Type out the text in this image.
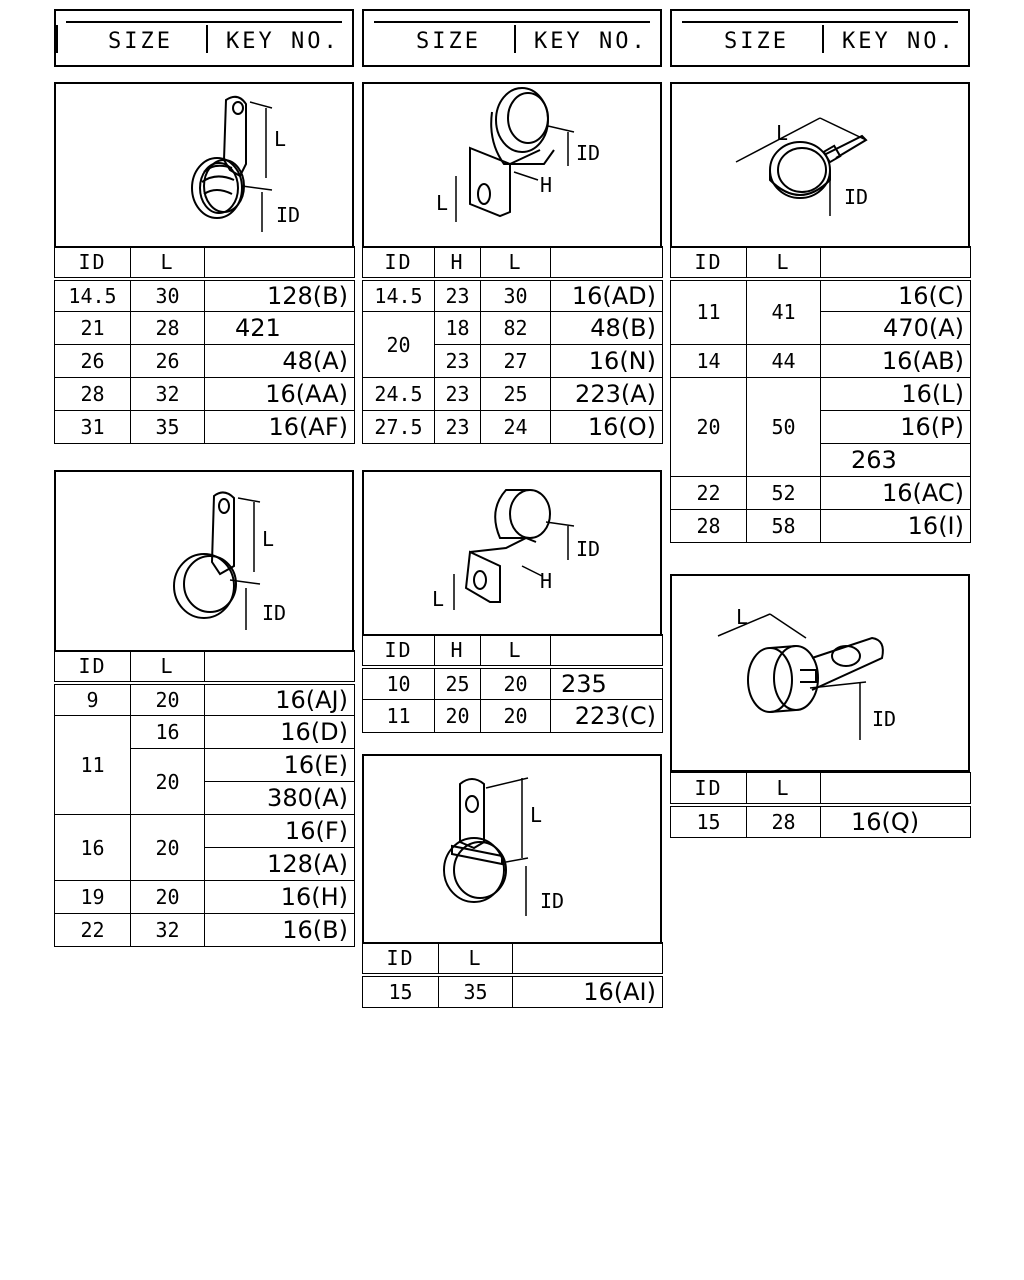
SIZE KEY NO.	SIZE KEY NO.	SIZE KEY NO.
L
ID
ID	L	
14.5	30	128(B)
21	28	421
26	26	48(A)
28	32	16(AA)
31	35	16(AF)
L
H
ID
ID	H	L	
14.5	23	30	16(AD)
20	18	82	48(B)
	23	27	16(N)
24.5	23	25	223(A)
27.5	23	24	16(O)
L
ID
ID	L	
11	41	16(C)
		470(A)
14	44	16(AB)
20	50	16(L)
		16(P)
		263
22	52	16(AC)
28	58	16(I)
L
ID
ID	L	
9	20	16(AJ)
11	16	16(D)
	20	16(E)
		380(A)
16	20	16(F)
		128(A)
19	20	16(H)
22	32	16(B)
L
H
ID
ID	H	L	
10	25	20	235
11	20	20	223(C)
L
ID
ID	L	
15	35	16(AI)
L
ID
ID	L	
15	28	16(Q)
